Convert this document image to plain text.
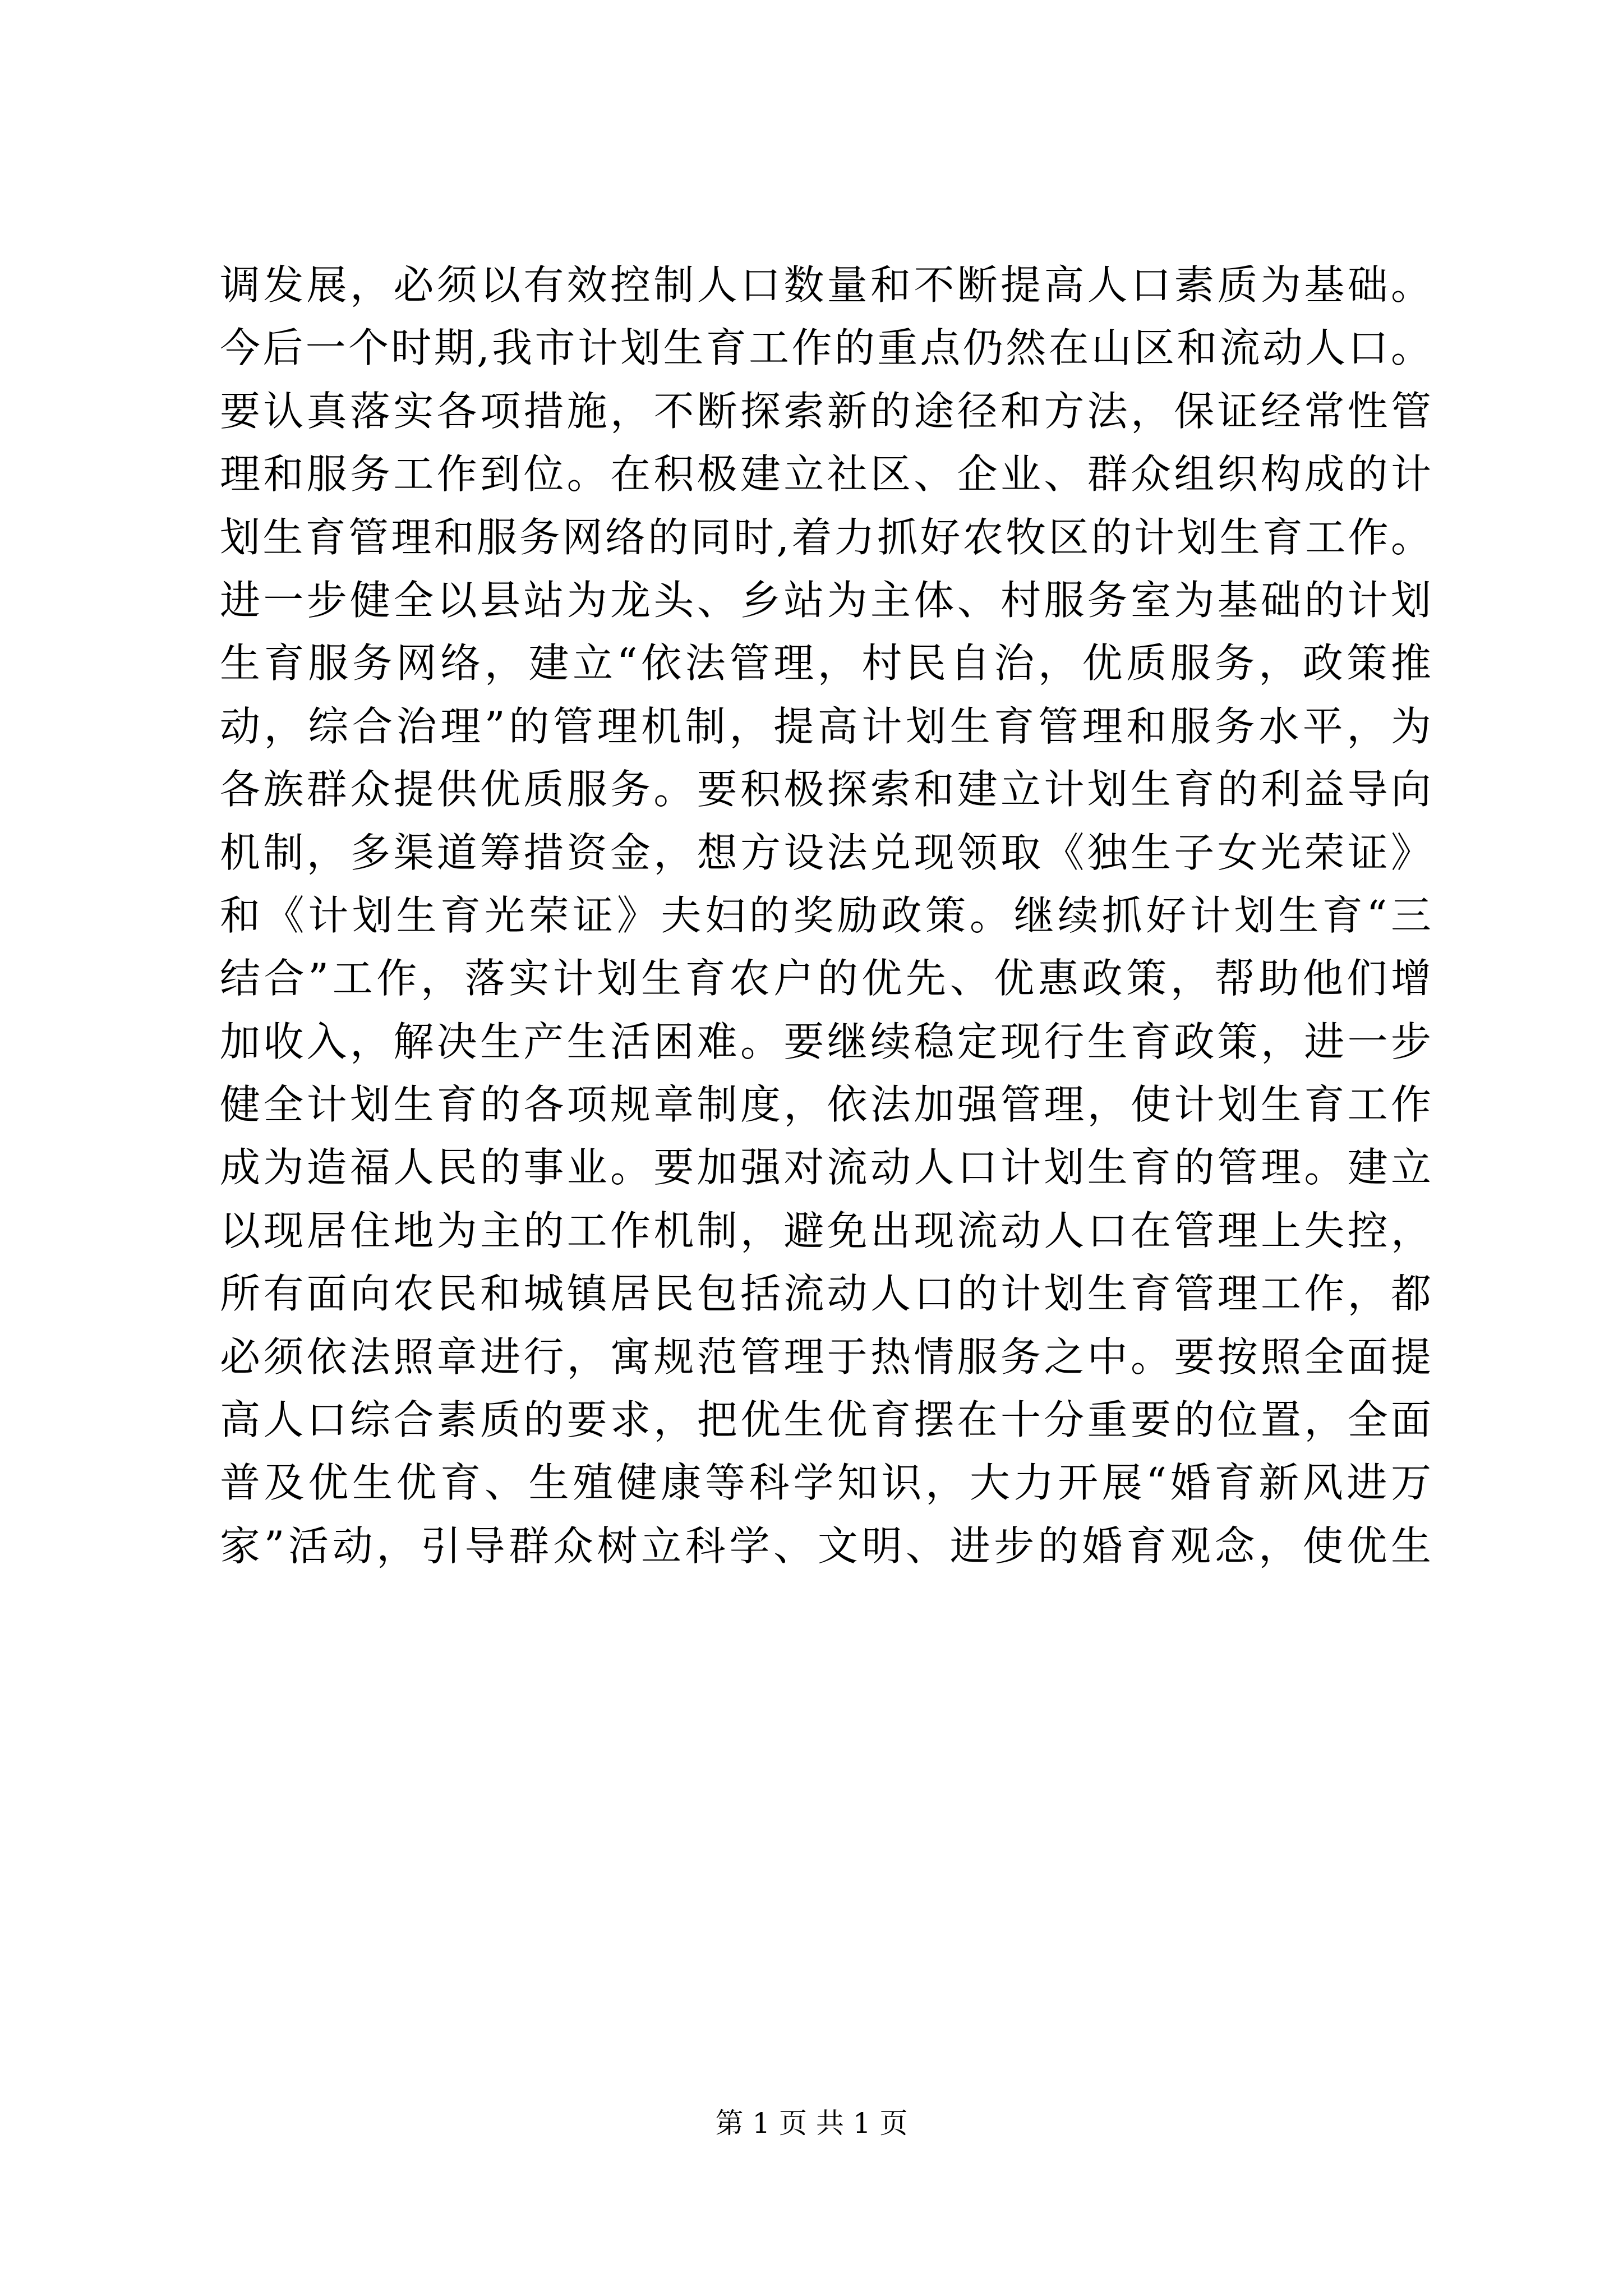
调发展，必须以有效控制人口数量和不断提高人口素质为基础。
今后一个时期,我市计划生育工作的重点仍然在山区和流动人口。
要认真落实各项措施，不断探索新的途径和方法，保证经常性管
理和服务工作到位。在积极建立社区、企业、群众组织构成的计
划生育管理和服务网络的同时,着力抓好农牧区的计划生育工作。
进一步健全以县站为龙头、乡站为主体、村服务室为基础的计划
生育服务网络，建立“依法管理，村民自治，优质服务，政策推
动，综合治理”的管理机制，提高计划生育管理和服务水平，为
各族群众提供优质服务。要积极探索和建立计划生育的利益导向
机制，多渠道筹措资金，想方设法兑现领取《独生子女光荣证》
和《计划生育光荣证》夫妇的奖励政策。继续抓好计划生育“三
结合”工作，落实计划生育农户的优先、优惠政策，帮助他们增
加收入，解决生产生活困难。要继续稳定现行生育政策，进一步
健全计划生育的各项规章制度，依法加强管理，使计划生育工作
成为造福人民的事业。要加强对流动人口计划生育的管理。建立
以现居住地为主的工作机制，避免出现流动人口在管理上失控，
所有面向农民和城镇居民包括流动人口的计划生育管理工作，都
必须依法照章进行，寓规范管理于热情服务之中。要按照全面提
高人口综合素质的要求，把优生优育摆在十分重要的位置，全面
普及优生优育、生殖健康等科学知识，大力开展“婚育新风进万
家”活动，引导群众树立科学、文明、进步的婚育观念，使优生
第 1 页 共 1 页
